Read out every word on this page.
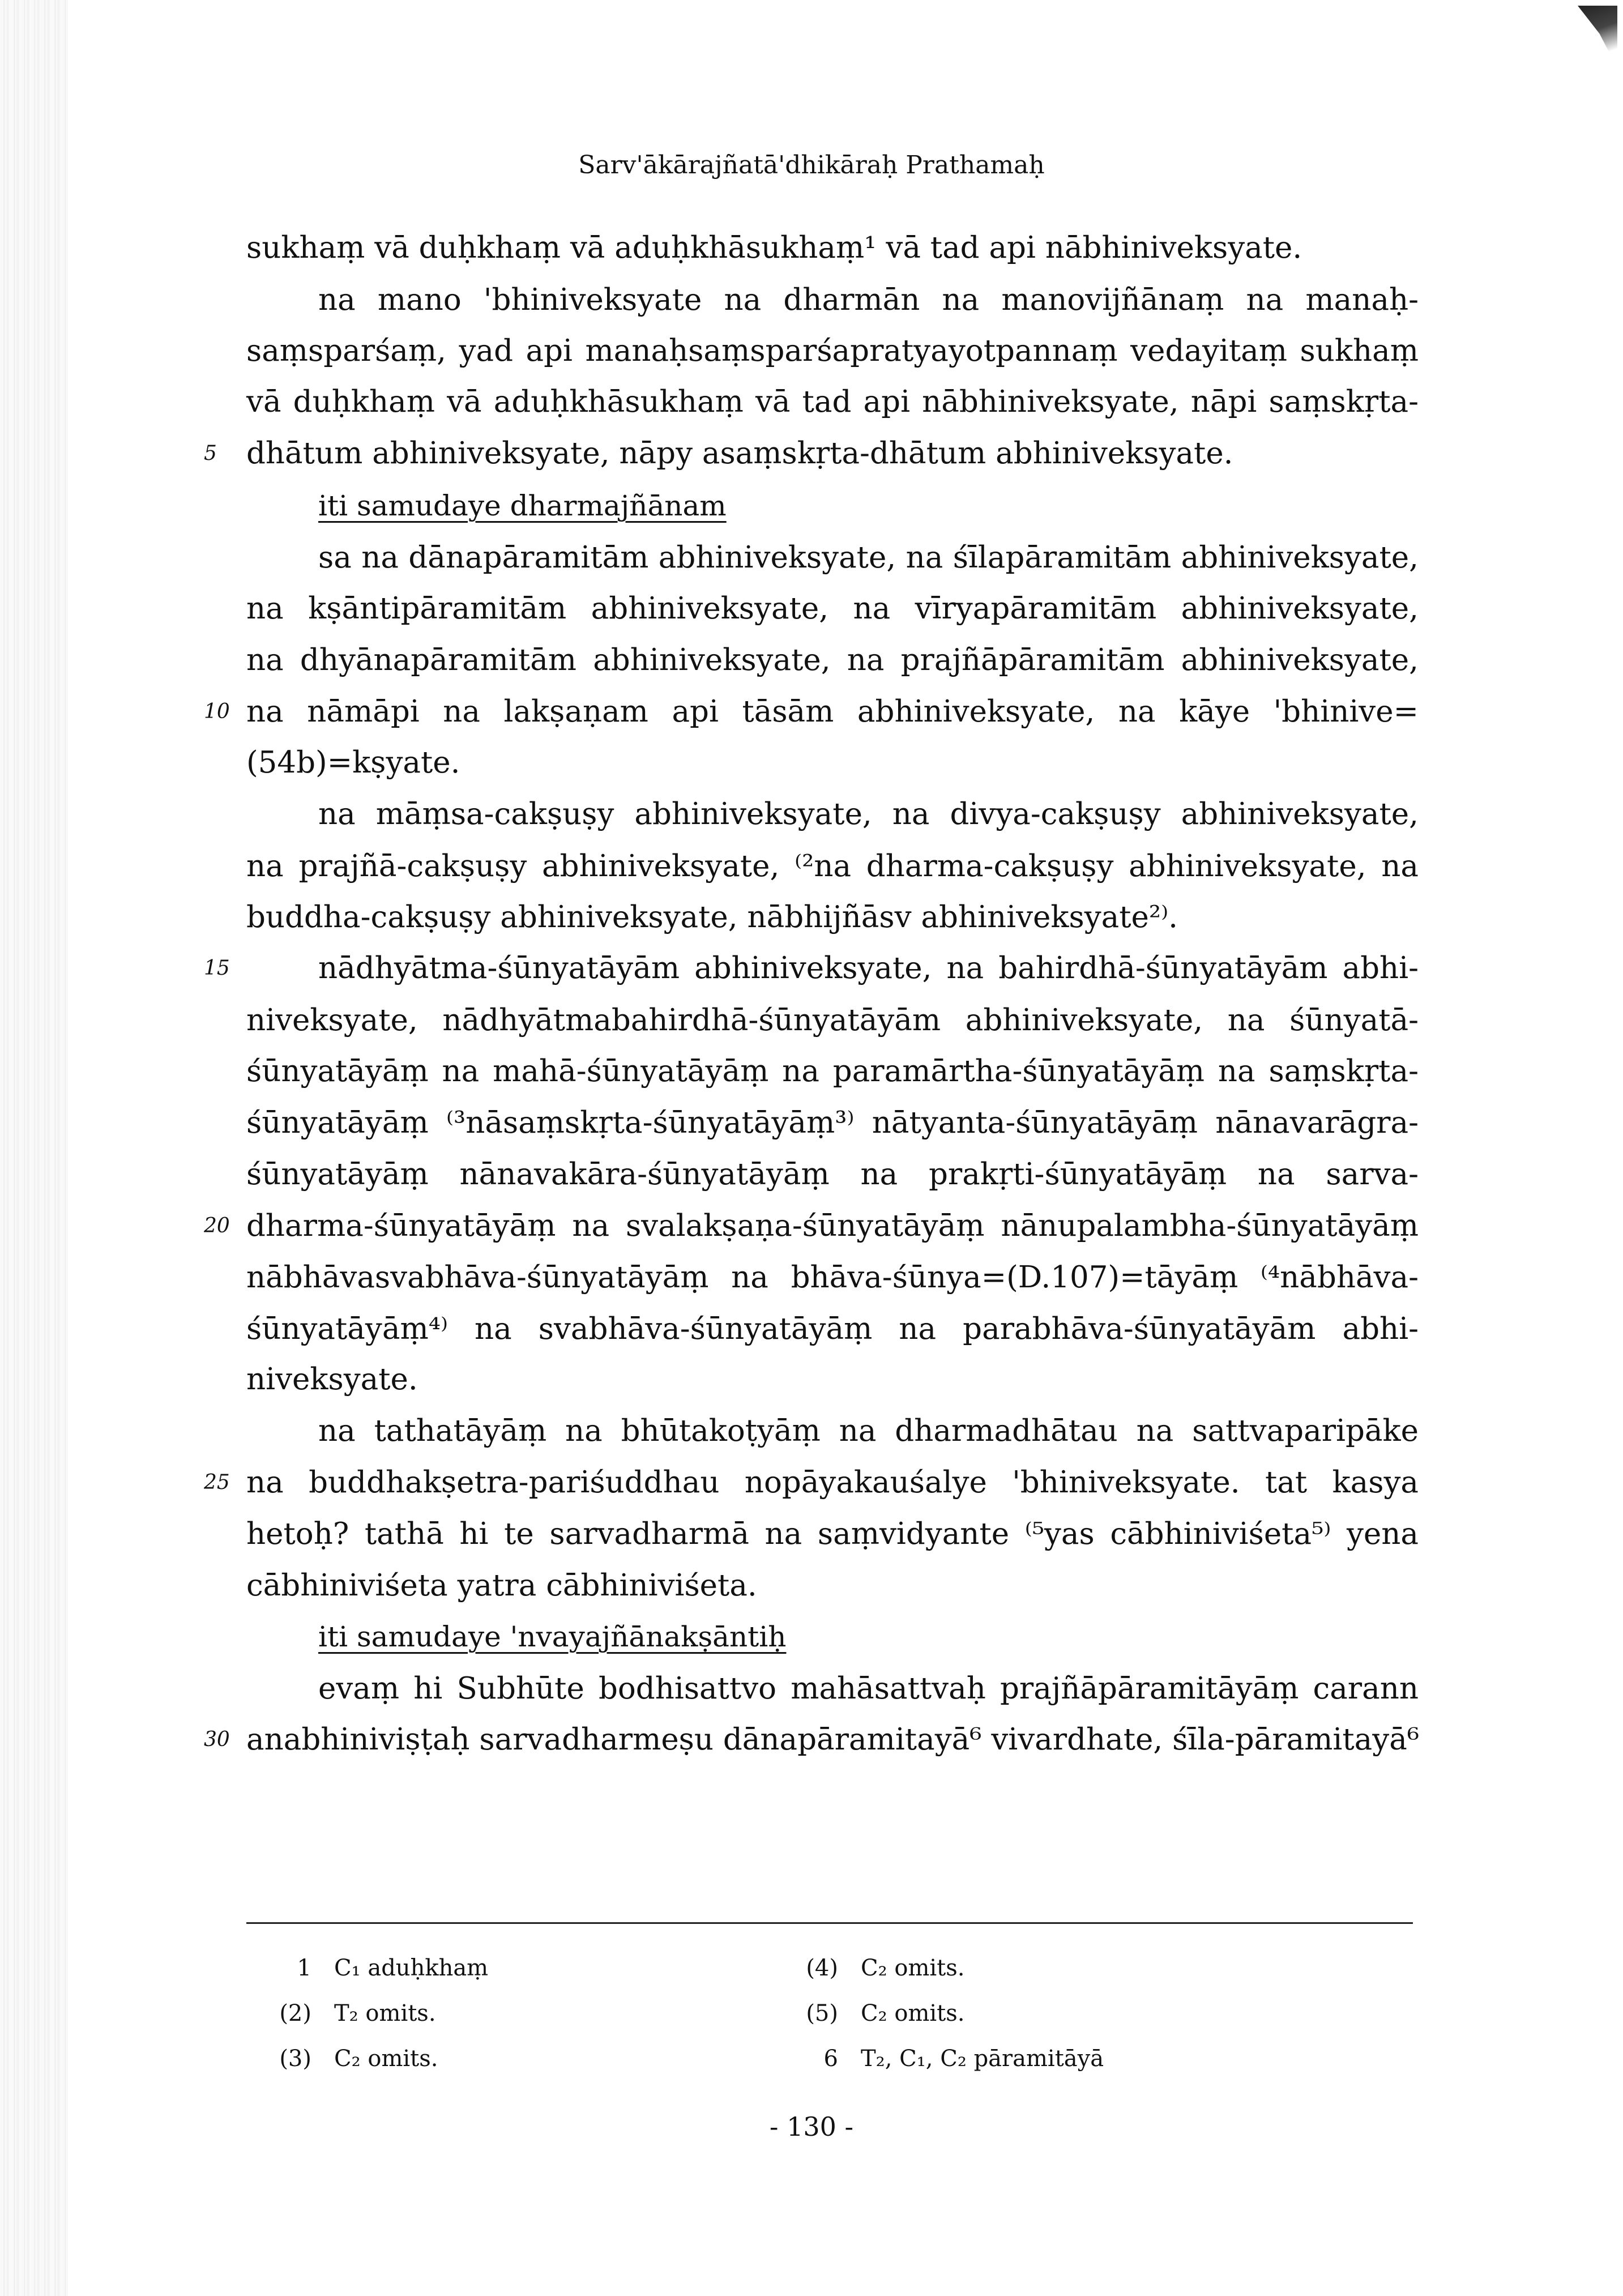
Sarv'ākārajñatā'dhikāraḥ Prathamaḥ
sukhaṃ vā duḥkhaṃ vā aduḥkhāsukhaṃ¹ vā tad api nābhiniveksyate.
na mano 'bhiniveksyate na dharmān na manovijñānaṃ na manaḥ-
saṃsparśaṃ, yad api manaḥsaṃsparśapratyayotpannaṃ vedayitaṃ sukhaṃ
vā duḥkhaṃ vā aduḥkhāsukhaṃ vā tad api nābhiniveksyate, nāpi saṃskṛta-
dhātum abhiniveksyate, nāpy asaṃskṛta-dhātum abhiniveksyate.
5
iti samudaye dharmajñānam
sa na dānapāramitām abhiniveksyate, na śīlapāramitām abhiniveksyate,
na kṣāntipāramitām abhiniveksyate, na vīryapāramitām abhiniveksyate,
na dhyānapāramitām abhiniveksyate, na prajñāpāramitām abhiniveksyate,
na nāmāpi na lakṣaṇam api tāsām abhiniveksyate, na kāye 'bhinive=
10
(54b)=kṣyate.
na māṃsa-cakṣuṣy abhiniveksyate, na divya-cakṣuṣy abhiniveksyate,
na prajñā-cakṣuṣy abhiniveksyate, ⁽²na dharma-cakṣuṣy abhiniveksyate, na
buddha-cakṣuṣy abhiniveksyate, nābhijñāsv abhiniveksyate²⁾.
nādhyātma-śūnyatāyām abhiniveksyate, na bahirdhā-śūnyatāyām abhi-
15
niveksyate, nādhyātmabahirdhā-śūnyatāyām abhiniveksyate, na śūnyatā-
śūnyatāyāṃ na mahā-śūnyatāyāṃ na paramārtha-śūnyatāyāṃ na saṃskṛta-
śūnyatāyāṃ ⁽³nāsaṃskṛta-śūnyatāyāṃ³⁾ nātyanta-śūnyatāyāṃ nānavarāgra-
śūnyatāyāṃ nānavakāra-śūnyatāyāṃ na prakṛti-śūnyatāyāṃ na sarva-
dharma-śūnyatāyāṃ na svalakṣaṇa-śūnyatāyāṃ nānupalambha-śūnyatāyāṃ
20
nābhāvasvabhāva-śūnyatāyāṃ na bhāva-śūnya=(D.107)=tāyāṃ ⁽⁴nābhāva-
śūnyatāyāṃ⁴⁾ na svabhāva-śūnyatāyāṃ na parabhāva-śūnyatāyām abhi-
niveksyate.
na tathatāyāṃ na bhūtakoṭyāṃ na dharmadhātau na sattvaparipāke
na buddhakṣetra-pariśuddhau nopāyakauśalye 'bhiniveksyate. tat kasya
25
hetoḥ? tathā hi te sarvadharmā na saṃvidyante ⁽⁵yas cābhiniviśeta⁵⁾ yena
cābhiniviśeta yatra cābhiniviśeta.
iti samudaye 'nvayajñānakṣāntiḥ
evaṃ hi Subhūte bodhisattvo mahāsattvaḥ prajñāpāramitāyāṃ carann
anabhiniviṣṭaḥ sarvadharmeṣu dānapāramitayā⁶ vivardhate, śīla-pāramitayā⁶
30
1 C₁ aduḥkhaṃ
(2) T₂ omits.
(3) C₂ omits.
(4) C₂ omits.
(5) C₂ omits.
6 T₂, C₁, C₂ pāramitāyā
- 130 -
